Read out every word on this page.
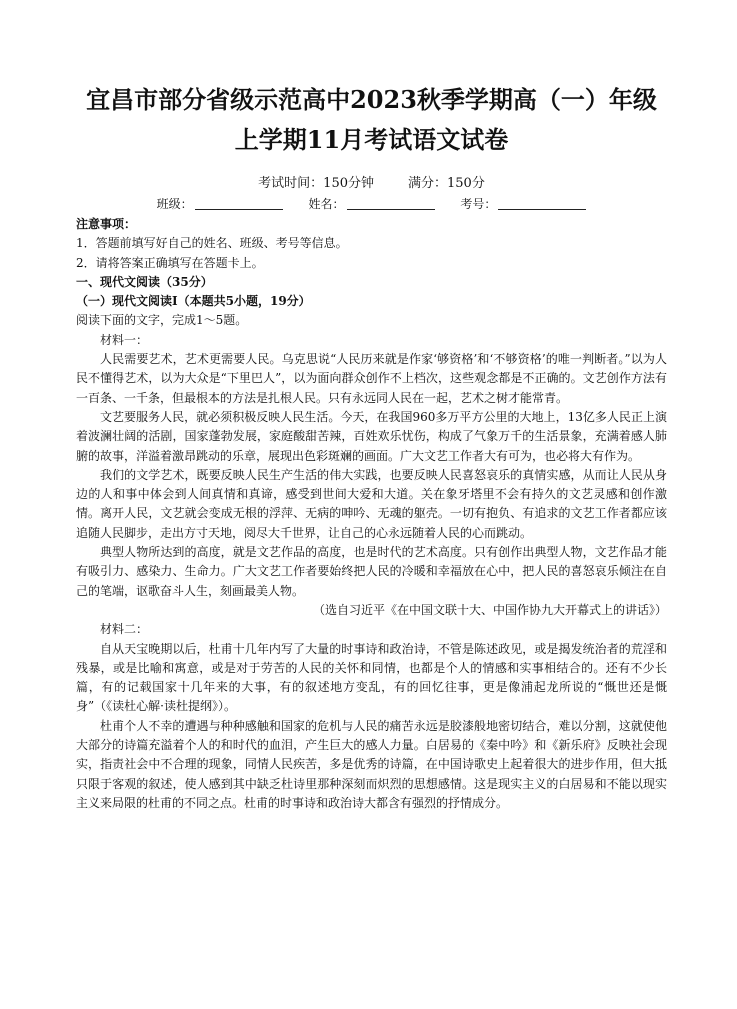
宜昌市部分省级示范高中2023秋季学期高（一）年级
上学期11月考试语文试卷
考试时间：150分钟	满分：150分
班级：	姓名：	考号：
注意事项：
1．答题前填写好自己的姓名、班级、考号等信息。
2．请将答案正确填写在答题卡上。
一、现代文阅读（35分）
（一）现代文阅读Ⅰ（本题共5小题，19分）
阅读下面的文字，完成1～5题。
材料一：
人民需要艺术，艺术更需要人民。乌克思说“人民历来就是作家‘够资格’和‘不够资格’的唯一判断者。”以为人民不懂得艺术，以为大众是“下里巴人”，以为面向群众创作不上档次，这些观念都是不正确的。文艺创作方法有一百条、一千条，但最根本的方法是扎根人民。只有永远同人民在一起，艺术之树才能常青。
文艺要服务人民，就必须积极反映人民生活。今天，在我国960多万平方公里的大地上，13亿多人民正上演着波澜壮阔的活剧，国家蓬勃发展，家庭酸甜苦辣，百姓欢乐忧伤，构成了气象万千的生活景象，充满着感人肺腑的故事，洋溢着激昂跳动的乐章，展现出色彩斑斓的画面。广大文艺工作者大有可为，也必将大有作为。
我们的文学艺术，既要反映人民生产生活的伟大实践，也要反映人民喜怒哀乐的真情实感，从而让人民从身边的人和事中体会到人间真情和真谛，感受到世间大爱和大道。关在象牙塔里不会有持久的文艺灵感和创作激情。离开人民，文艺就会变成无根的浮萍、无病的呻吟、无魂的躯壳。一切有抱负、有追求的文艺工作者都应该追随人民脚步，走出方寸天地，阅尽大千世界，让自己的心永远随着人民的心而跳动。
典型人物所达到的高度，就是文艺作品的高度，也是时代的艺术高度。只有创作出典型人物，文艺作品才能有吸引力、感染力、生命力。广大文艺工作者要始终把人民的冷暖和幸福放在心中，把人民的喜怒哀乐倾注在自己的笔端，讴歌奋斗人生，刻画最美人物。
（选自习近平《在中国文联十大、中国作协九大开幕式上的讲话》）
材料二：
自从天宝晚期以后，杜甫十几年内写了大量的时事诗和政治诗，不管是陈述政见，或是揭发统治者的荒淫和残暴，或是比喻和寓意，或是对于劳苦的人民的关怀和同情，也都是个人的情感和实事相结合的。还有不少长篇，有的记载国家十几年来的大事，有的叙述地方变乱，有的回忆往事，更是像浦起龙所说的“慨世还是慨身”（《读杜心解·读杜提纲》）。
杜甫个人不幸的遭遇与种种感触和国家的危机与人民的痛苦永远是胶漆般地密切结合，难以分割，这就使他大部分的诗篇充溢着个人的和时代的血泪，产生巨大的感人力量。白居易的《秦中吟》和《新乐府》反映社会现实，指责社会中不合理的现象，同情人民疾苦，多是优秀的诗篇，在中国诗歌史上起着很大的进步作用，但大抵只限于客观的叙述，使人感到其中缺乏杜诗里那种深刻而炽烈的思想感情。这是现实主义的白居易和不能以现实主义来局限的杜甫的不同之点。杜甫的时事诗和政治诗大都含有强烈的抒情成分。
